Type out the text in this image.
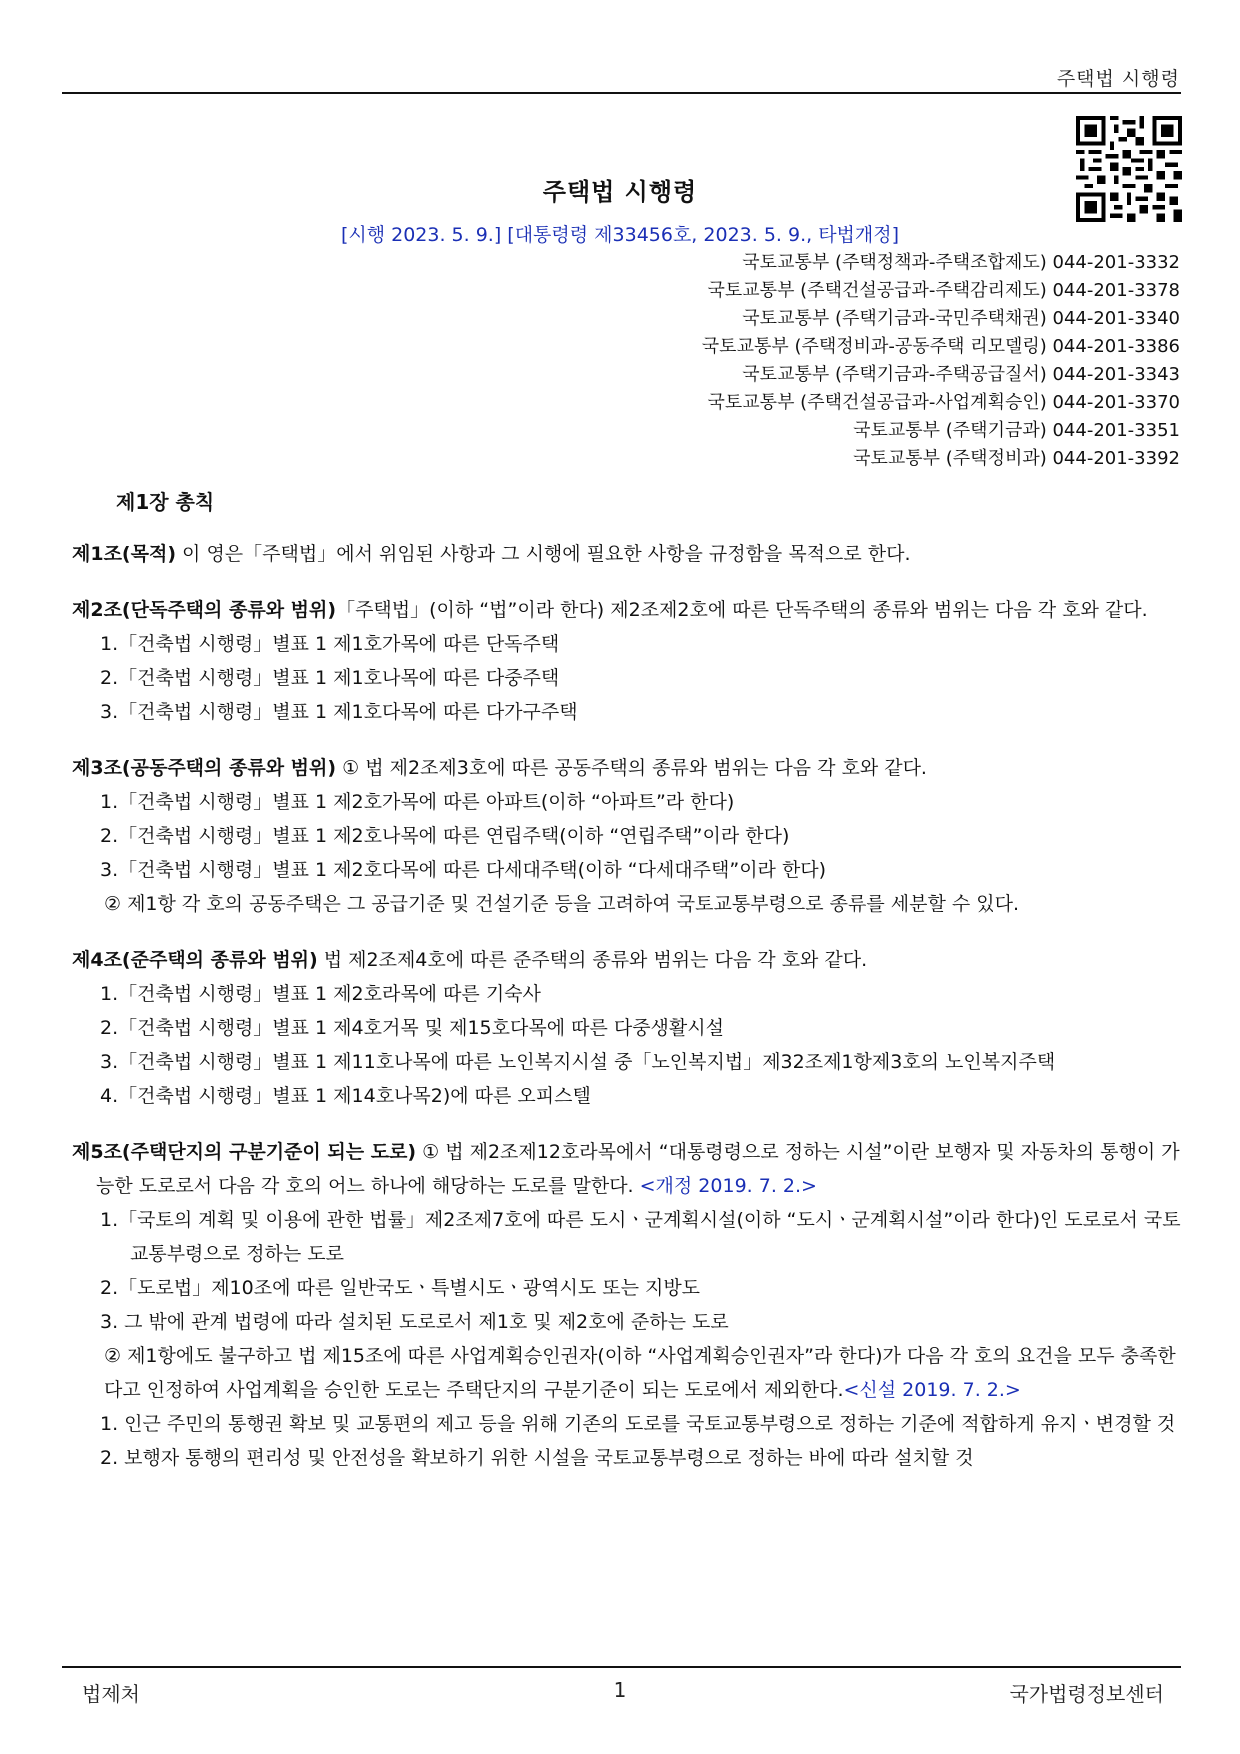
주택법 시행령
주택법 시행령
[시행 2023. 5. 9.] [대통령령 제33456호, 2023. 5. 9., 타법개정]
국토교통부 (주택정책과-주택조합제도) 044-201-3332
국토교통부 (주택건설공급과-주택감리제도) 044-201-3378
국토교통부 (주택기금과-국민주택채권) 044-201-3340
국토교통부 (주택정비과-공동주택 리모델링) 044-201-3386
국토교통부 (주택기금과-주택공급질서) 044-201-3343
국토교통부 (주택건설공급과-사업계획승인) 044-201-3370
국토교통부 (주택기금과) 044-201-3351
국토교통부 (주택정비과) 044-201-3392
제1장 총칙
제1조(목적) 이 영은「주택법」에서 위임된 사항과 그 시행에 필요한 사항을 규정함을 목적으로 한다.
제2조(단독주택의 종류와 범위)「주택법」(이하 “법”이라 한다) 제2조제2호에 따른 단독주택의 종류와 범위는 다음 각 호와 같다.
1.「건축법 시행령」별표 1 제1호가목에 따른 단독주택
2.「건축법 시행령」별표 1 제1호나목에 따른 다중주택
3.「건축법 시행령」별표 1 제1호다목에 따른 다가구주택
제3조(공동주택의 종류와 범위) ① 법 제2조제3호에 따른 공동주택의 종류와 범위는 다음 각 호와 같다.
1.「건축법 시행령」별표 1 제2호가목에 따른 아파트(이하 “아파트”라 한다)
2.「건축법 시행령」별표 1 제2호나목에 따른 연립주택(이하 “연립주택”이라 한다)
3.「건축법 시행령」별표 1 제2호다목에 따른 다세대주택(이하 “다세대주택”이라 한다)
② 제1항 각 호의 공동주택은 그 공급기준 및 건설기준 등을 고려하여 국토교통부령으로 종류를 세분할 수 있다.
제4조(준주택의 종류와 범위) 법 제2조제4호에 따른 준주택의 종류와 범위는 다음 각 호와 같다.
1.「건축법 시행령」별표 1 제2호라목에 따른 기숙사
2.「건축법 시행령」별표 1 제4호거목 및 제15호다목에 따른 다중생활시설
3.「건축법 시행령」별표 1 제11호나목에 따른 노인복지시설 중「노인복지법」제32조제1항제3호의 노인복지주택
4.「건축법 시행령」별표 1 제14호나목2)에 따른 오피스텔
제5조(주택단지의 구분기준이 되는 도로) ① 법 제2조제12호라목에서 “대통령령으로 정하는 시설”이란 보행자 및 자동차의 통행이 가능한 도로로서 다음 각 호의 어느 하나에 해당하는 도로를 말한다. <개정 2019. 7. 2.>
1.「국토의 계획 및 이용에 관한 법률」제2조제7호에 따른 도시ㆍ군계획시설(이하 “도시ㆍ군계획시설”이라 한다)인 도로로서 국토교통부령으로 정하는 도로
2.「도로법」제10조에 따른 일반국도ㆍ특별시도ㆍ광역시도 또는 지방도
3. 그 밖에 관계 법령에 따라 설치된 도로로서 제1호 및 제2호에 준하는 도로
② 제1항에도 불구하고 법 제15조에 따른 사업계획승인권자(이하 “사업계획승인권자”라 한다)가 다음 각 호의 요건을 모두 충족한다고 인정하여 사업계획을 승인한 도로는 주택단지의 구분기준이 되는 도로에서 제외한다.<신설 2019. 7. 2.>
1. 인근 주민의 통행권 확보 및 교통편의 제고 등을 위해 기존의 도로를 국토교통부령으로 정하는 기준에 적합하게 유지ㆍ변경할 것
2. 보행자 통행의 편리성 및 안전성을 확보하기 위한 시설을 국토교통부령으로 정하는 바에 따라 설치할 것
법제처	1	국가법령정보센터
